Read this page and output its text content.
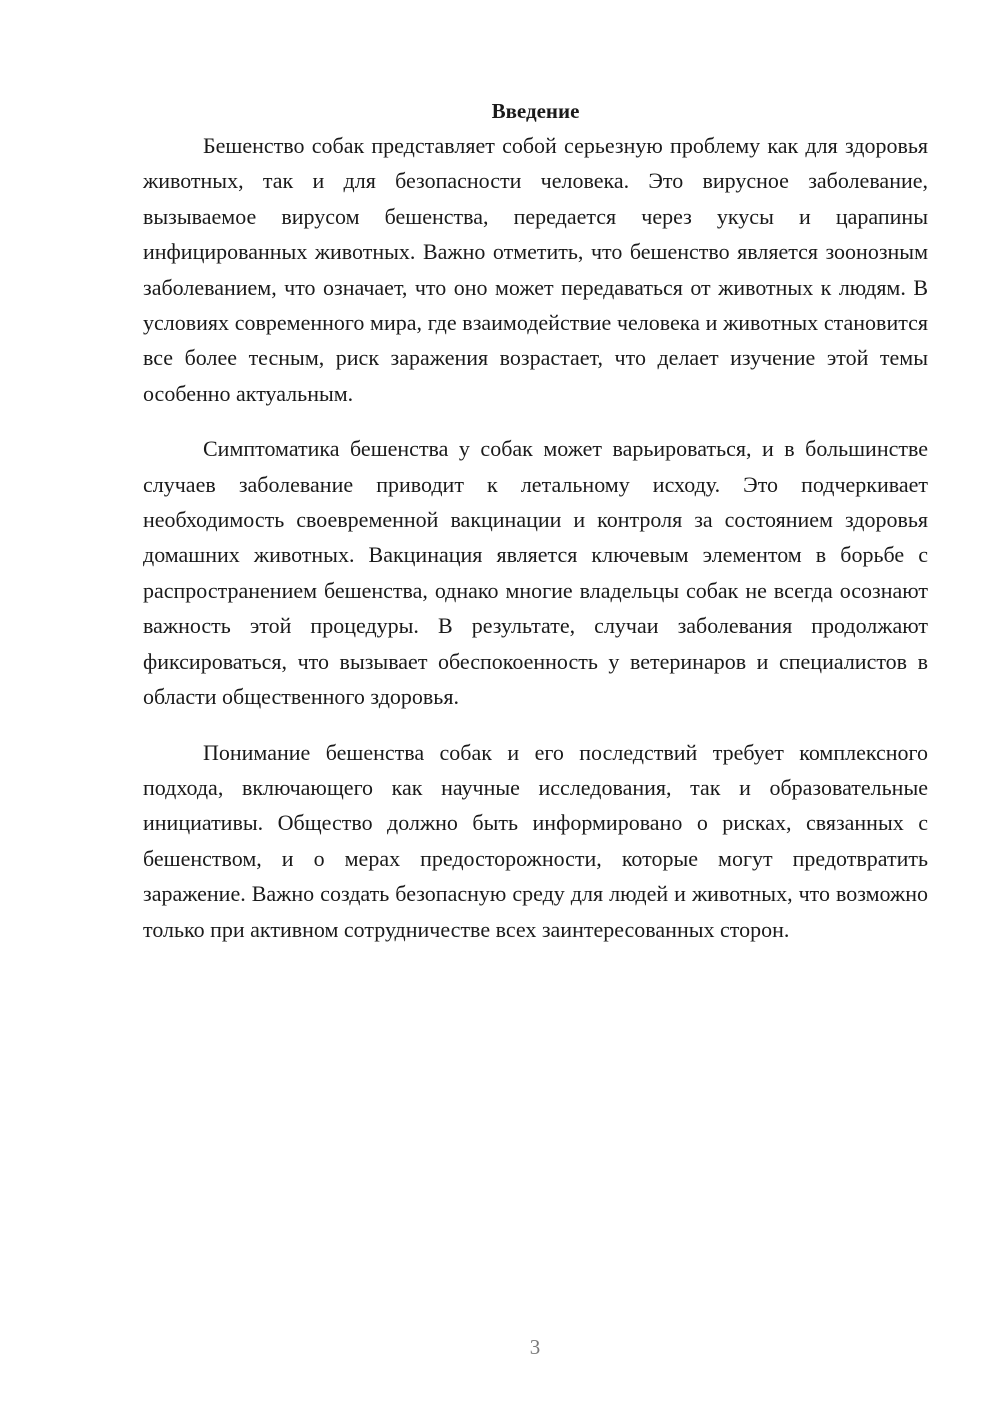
Введение

Бешенство собак представляет собой серьезную проблему как для здоровья животных, так и для безопасности человека. Это вирусное заболевание, вызываемое вирусом бешенства, передается через укусы и царапины инфицированных животных. Важно отметить, что бешенство является зоонозным заболеванием, что означает, что оно может передаваться от животных к людям. В условиях современного мира, где взаимодействие человека и животных становится все более тесным, риск заражения возрастает, что делает изучение этой темы особенно актуальным.

Симптоматика бешенства у собак может варьироваться, и в большинстве случаев заболевание приводит к летальному исходу. Это подчеркивает необходимость своевременной вакцинации и контроля за состоянием здоровья домашних животных. Вакцинация является ключевым элементом в борьбе с распространением бешенства, однако многие владельцы собак не всегда осознают важность этой процедуры. В результате, случаи заболевания продолжают фиксироваться, что вызывает обеспокоенность у ветеринаров и специалистов в области общественного здоровья.

Понимание бешенства собак и его последствий требует комплексного подхода, включающего как научные исследования, так и образовательные инициативы. Общество должно быть информировано о рисках, связанных с бешенством, и о мерах предосторожности, которые могут предотвратить заражение. Важно создать безопасную среду для людей и животных, что возможно только при активном сотрудничестве всех заинтересованных сторон.

3
